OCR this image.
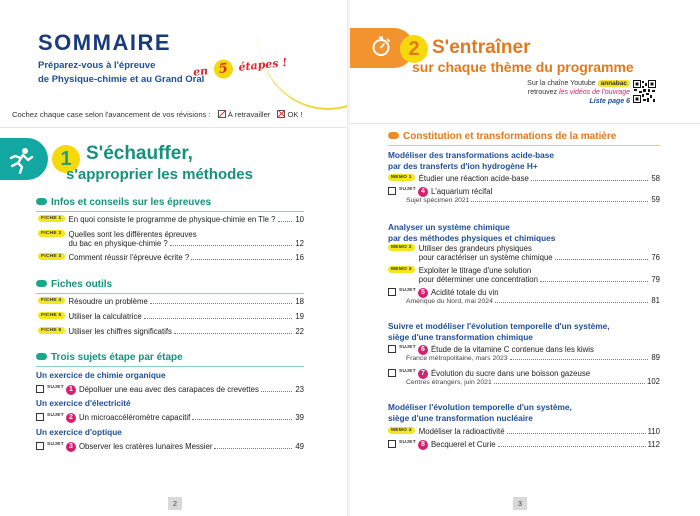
SOMMAIRE
Préparez-vous à l'épreuve
de Physique-chimie et au Grand Oral
en 5 étapes !
Cochez chaque case selon l'avancement de vos révisions : À retravailler OK !
1 S'échauffer,
s'approprier les méthodes
Infos et conseils sur les épreuves
FICHE 1 En quoi consiste le programme de physique-chimie en Tle ?	10
FICHE 2 Quelles sont les différentes épreuves
du bac en physique-chimie ?	12
FICHE 3 Comment réussir l'épreuve écrite ?	16
Fiches outils
FICHE 4 Résoudre un problème	18
FICHE 5 Utiliser la calculatrice	19
FICHE 6 Utiliser les chiffres significatifs	22
Trois sujets étape par étape
Un exercice de chimie organique
SUJET 1 Dépolluer une eau avec des carapaces de crevettes	23
Un exercice d'électricité
SUJET 2 Un microaccéléromètre capacitif	39
Un exercice d'optique
SUJET 3 Observer les cratères lunaires Messier	49
2
2 S'entraîner
sur chaque thème du programme
Sur la chaîne Youtube annabac
retrouvez les vidéos de l'ouvrage
Liste page 6
Constitution et transformations de la matière
Modéliser des transformations acide-base
par des transferts d'ion hydrogène H+
MEMO 1 Étudier une réaction acide-base	58
SUJET 4 L'aquarium récifal
Sujet spécimen 2021	59
Analyser un système chimique
par des méthodes physiques et chimiques
MEMO 2 Utiliser des grandeurs physiques
pour caractériser un système chimique	76
MEMO 3 Exploiter le titrage d'une solution
pour déterminer une concentration	79
SUJET 5 Acidité totale du vin
Amérique du Nord, mai 2024	81
Suivre et modéliser l'évolution temporelle d'un système,
siège d'une transformation chimique
SUJET 6 Étude de la vitamine C contenue dans les kiwis
France métropolitaine, mars 2023	89
SUJET 7 Évolution du sucre dans une boisson gazeuse
Centres étrangers, juin 2021	102
Modéliser l'évolution temporelle d'un système,
siège d'une transformation nucléaire
MEMO 4 Modéliser la radioactivité	110
SUJET 8 Becquerel et Curie	112
3
